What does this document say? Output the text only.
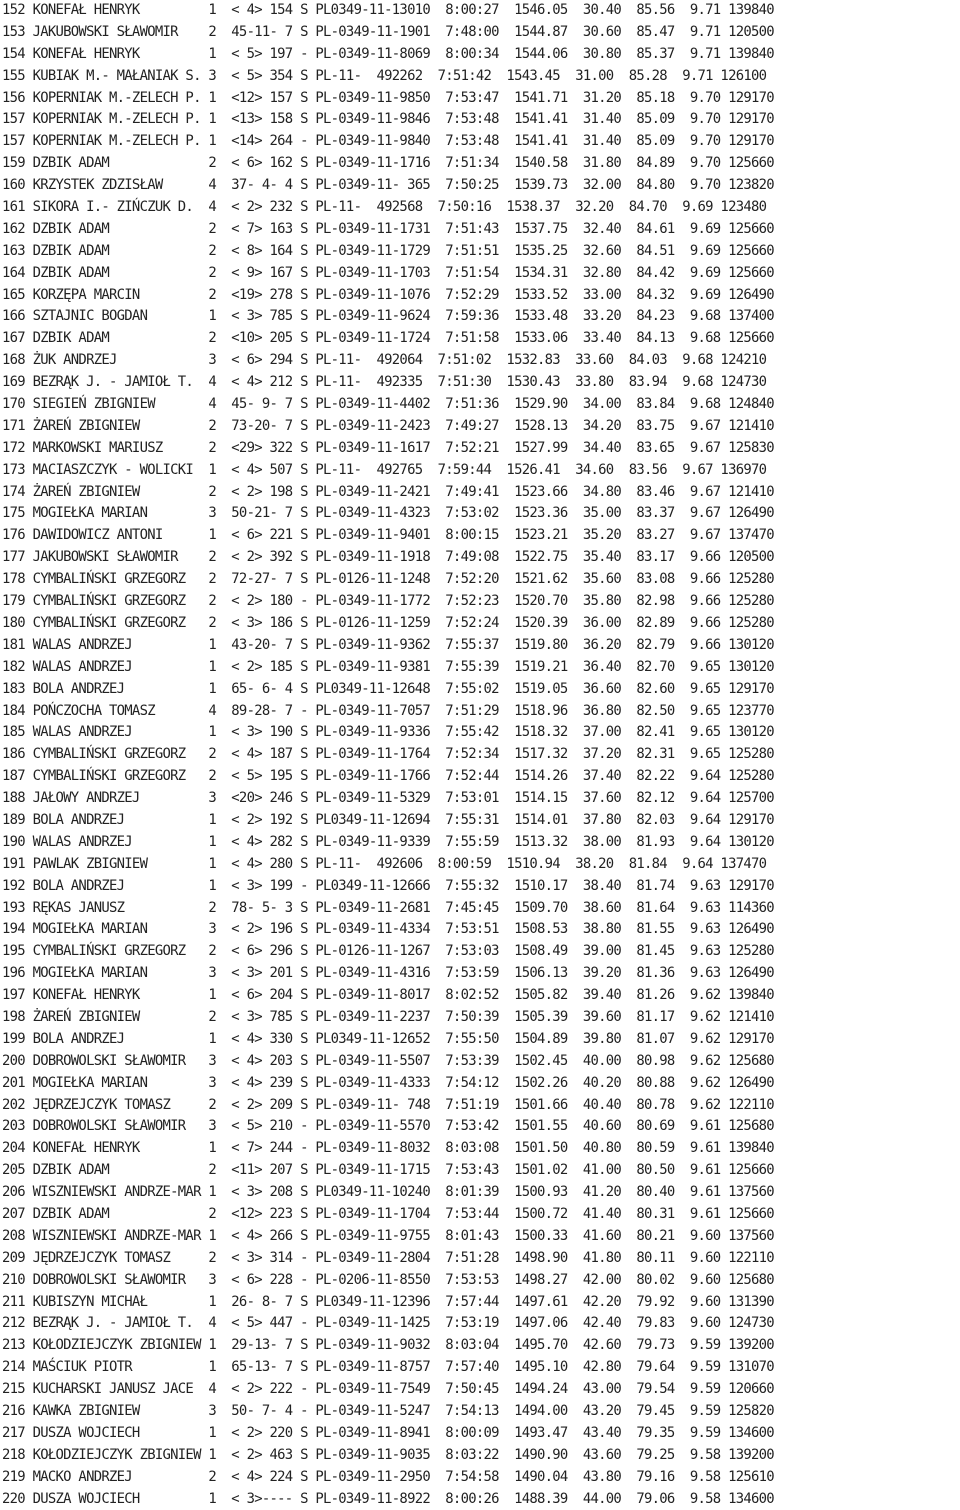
152 KONEFAŁ HENRYK         1  < 4> 154 S PL0349-11-13010  8:00:27  1546.05  30.40  85.56  9.71 139840
153 JAKUBOWSKI SŁAWOMIR    2  45-11- 7 S PL-0349-11-1901  7:48:00  1544.87  30.60  85.47  9.71 120500
154 KONEFAŁ HENRYK         1  < 5> 197 - PL-0349-11-8069  8:00:34  1544.06  30.80  85.37  9.71 139840
155 KUBIAK M.- MAŁANIAK S. 3  < 5> 354 S PL-11-  492262  7:51:42  1543.45  31.00  85.28  9.71 126100
156 KOPERNIAK M.-ZELECH P. 1  <12> 157 S PL-0349-11-9850  7:53:47  1541.71  31.20  85.18  9.70 129170
157 KOPERNIAK M.-ZELECH P. 1  <13> 158 S PL-0349-11-9846  7:53:48  1541.41  31.40  85.09  9.70 129170
157 KOPERNIAK M.-ZELECH P. 1  <14> 264 - PL-0349-11-9840  7:53:48  1541.41  31.40  85.09  9.70 129170
159 DZBIK ADAM             2  < 6> 162 S PL-0349-11-1716  7:51:34  1540.58  31.80  84.89  9.70 125660
160 KRZYSTEK ZDZISŁAW      4  37- 4- 4 S PL-0349-11- 365  7:50:25  1539.73  32.00  84.80  9.70 123820
161 SIKORA I.- ZIŃCZUK D.  4  < 2> 232 S PL-11-  492568  7:50:16  1538.37  32.20  84.70  9.69 123480
162 DZBIK ADAM             2  < 7> 163 S PL-0349-11-1731  7:51:43  1537.75  32.40  84.61  9.69 125660
163 DZBIK ADAM             2  < 8> 164 S PL-0349-11-1729  7:51:51  1535.25  32.60  84.51  9.69 125660
164 DZBIK ADAM             2  < 9> 167 S PL-0349-11-1703  7:51:54  1534.31  32.80  84.42  9.69 125660
165 KORZĘPA MARCIN         2  <19> 278 S PL-0349-11-1076  7:52:29  1533.52  33.00  84.32  9.69 126490
166 SZTAJNIC BOGDAN        1  < 3> 785 S PL-0349-11-9624  7:59:36  1533.48  33.20  84.23  9.68 137400
167 DZBIK ADAM             2  <10> 205 S PL-0349-11-1724  7:51:58  1533.06  33.40  84.13  9.68 125660
168 ŻUK ANDRZEJ            3  < 6> 294 S PL-11-  492064  7:51:02  1532.83  33.60  84.03  9.68 124210
169 BEZRĄK J. - JAMIOŁ T.  4  < 4> 212 S PL-11-  492335  7:51:30  1530.43  33.80  83.94  9.68 124730
170 SIEGIEŃ ZBIGNIEW       4  45- 9- 7 S PL-0349-11-4402  7:51:36  1529.90  34.00  83.84  9.68 124840
171 ŻAREŃ ZBIGNIEW         2  73-20- 7 S PL-0349-11-2423  7:49:27  1528.13  34.20  83.75  9.67 121410
172 MARKOWSKI MARIUSZ      2  <29> 322 S PL-0349-11-1617  7:52:21  1527.99  34.40  83.65  9.67 125830
173 MACIASZCZYK - WOLICKI  1  < 4> 507 S PL-11-  492765  7:59:44  1526.41  34.60  83.56  9.67 136970
174 ŻAREŃ ZBIGNIEW         2  < 2> 198 S PL-0349-11-2421  7:49:41  1523.66  34.80  83.46  9.67 121410
175 MOGIEŁKA MARIAN        3  50-21- 7 S PL-0349-11-4323  7:53:02  1523.36  35.00  83.37  9.67 126490
176 DAWIDOWICZ ANTONI      1  < 6> 221 S PL-0349-11-9401  8:00:15  1523.21  35.20  83.27  9.67 137470
177 JAKUBOWSKI SŁAWOMIR    2  < 2> 392 S PL-0349-11-1918  7:49:08  1522.75  35.40  83.17  9.66 120500
178 CYMBALIŃSKI GRZEGORZ   2  72-27- 7 S PL-0126-11-1248  7:52:20  1521.62  35.60  83.08  9.66 125280
179 CYMBALIŃSKI GRZEGORZ   2  < 2> 180 - PL-0349-11-1772  7:52:23  1520.70  35.80  82.98  9.66 125280
180 CYMBALIŃSKI GRZEGORZ   2  < 3> 186 S PL-0126-11-1259  7:52:24  1520.39  36.00  82.89  9.66 125280
181 WALAS ANDRZEJ          1  43-20- 7 S PL-0349-11-9362  7:55:37  1519.80  36.20  82.79  9.66 130120
182 WALAS ANDRZEJ          1  < 2> 185 S PL-0349-11-9381  7:55:39  1519.21  36.40  82.70  9.65 130120
183 BOLA ANDRZEJ           1  65- 6- 4 S PL0349-11-12648  7:55:02  1519.05  36.60  82.60  9.65 129170
184 POŃCZOCHA TOMASZ       4  89-28- 7 - PL-0349-11-7057  7:51:29  1518.96  36.80  82.50  9.65 123770
185 WALAS ANDRZEJ          1  < 3> 190 S PL-0349-11-9336  7:55:42  1518.32  37.00  82.41  9.65 130120
186 CYMBALIŃSKI GRZEGORZ   2  < 4> 187 S PL-0349-11-1764  7:52:34  1517.32  37.20  82.31  9.65 125280
187 CYMBALIŃSKI GRZEGORZ   2  < 5> 195 S PL-0349-11-1766  7:52:44  1514.26  37.40  82.22  9.64 125280
188 JAŁOWY ANDRZEJ         3  <20> 246 S PL-0349-11-5329  7:53:01  1514.15  37.60  82.12  9.64 125700
189 BOLA ANDRZEJ           1  < 2> 192 S PL0349-11-12694  7:55:31  1514.01  37.80  82.03  9.64 129170
190 WALAS ANDRZEJ          1  < 4> 282 S PL-0349-11-9339  7:55:59  1513.32  38.00  81.93  9.64 130120
191 PAWLAK ZBIGNIEW        1  < 4> 280 S PL-11-  492606  8:00:59  1510.94  38.20  81.84  9.64 137470
192 BOLA ANDRZEJ           1  < 3> 199 - PL0349-11-12666  7:55:32  1510.17  38.40  81.74  9.63 129170
193 RĘKAS JANUSZ           2  78- 5- 3 S PL-0349-11-2681  7:45:45  1509.70  38.60  81.64  9.63 114360
194 MOGIEŁKA MARIAN        3  < 2> 196 S PL-0349-11-4334  7:53:51  1508.53  38.80  81.55  9.63 126490
195 CYMBALIŃSKI GRZEGORZ   2  < 6> 296 S PL-0126-11-1267  7:53:03  1508.49  39.00  81.45  9.63 125280
196 MOGIEŁKA MARIAN        3  < 3> 201 S PL-0349-11-4316  7:53:59  1506.13  39.20  81.36  9.63 126490
197 KONEFAŁ HENRYK         1  < 6> 204 S PL-0349-11-8017  8:02:52  1505.82  39.40  81.26  9.62 139840
198 ŻAREŃ ZBIGNIEW         2  < 3> 785 S PL-0349-11-2237  7:50:39  1505.39  39.60  81.17  9.62 121410
199 BOLA ANDRZEJ           1  < 4> 330 S PL0349-11-12652  7:55:50  1504.89  39.80  81.07  9.62 129170
200 DOBROWOLSKI SŁAWOMIR   3  < 4> 203 S PL-0349-11-5507  7:53:39  1502.45  40.00  80.98  9.62 125680
201 MOGIEŁKA MARIAN        3  < 4> 239 S PL-0349-11-4333  7:54:12  1502.26  40.20  80.88  9.62 126490
202 JĘDRZEJCZYK TOMASZ     2  < 2> 209 S PL-0349-11- 748  7:51:19  1501.66  40.40  80.78  9.62 122110
203 DOBROWOLSKI SŁAWOMIR   3  < 5> 210 - PL-0349-11-5570  7:53:42  1501.55  40.60  80.69  9.61 125680
204 KONEFAŁ HENRYK         1  < 7> 244 - PL-0349-11-8032  8:03:08  1501.50  40.80  80.59  9.61 139840
205 DZBIK ADAM             2  <11> 207 S PL-0349-11-1715  7:53:43  1501.02  41.00  80.50  9.61 125660
206 WISZNIEWSKI ANDRZE-MAR 1  < 3> 208 S PL0349-11-10240  8:01:39  1500.93  41.20  80.40  9.61 137560
207 DZBIK ADAM             2  <12> 223 S PL-0349-11-1704  7:53:44  1500.72  41.40  80.31  9.61 125660
208 WISZNIEWSKI ANDRZE-MAR 1  < 4> 266 S PL-0349-11-9755  8:01:43  1500.33  41.60  80.21  9.60 137560
209 JĘDRZEJCZYK TOMASZ     2  < 3> 314 - PL-0349-11-2804  7:51:28  1498.90  41.80  80.11  9.60 122110
210 DOBROWOLSKI SŁAWOMIR   3  < 6> 228 - PL-0206-11-8550  7:53:53  1498.27  42.00  80.02  9.60 125680
211 KUBISZYN MICHAŁ        1  26- 8- 7 S PL0349-11-12396  7:57:44  1497.61  42.20  79.92  9.60 131390
212 BEZRĄK J. - JAMIOŁ T.  4  < 5> 447 - PL-0349-11-1425  7:53:19  1497.06  42.40  79.83  9.60 124730
213 KOŁODZIEJCZYK ZBIGNIEW 1  29-13- 7 S PL-0349-11-9032  8:03:04  1495.70  42.60  79.73  9.59 139200
214 MAŚCIUK PIOTR          1  65-13- 7 S PL-0349-11-8757  7:57:40  1495.10  42.80  79.64  9.59 131070
215 KUCHARSKI JANUSZ JACE  4  < 2> 222 - PL-0349-11-7549  7:50:45  1494.24  43.00  79.54  9.59 120660
216 KAWKA ZBIGNIEW         3  50- 7- 4 - PL-0349-11-5247  7:54:13  1494.00  43.20  79.45  9.59 125820
217 DUSZA WOJCIECH         1  < 2> 220 S PL-0349-11-8941  8:00:09  1493.47  43.40  79.35  9.59 134600
218 KOŁODZIEJCZYK ZBIGNIEW 1  < 2> 463 S PL-0349-11-9035  8:03:22  1490.90  43.60  79.25  9.58 139200
219 MACKO ANDRZEJ          2  < 4> 224 S PL-0349-11-2950  7:54:58  1490.04  43.80  79.16  9.58 125610
220 DUSZA WOJCIECH         1  < 3>---- S PL-0349-11-8922  8:00:26  1488.39  44.00  79.06  9.58 134600
